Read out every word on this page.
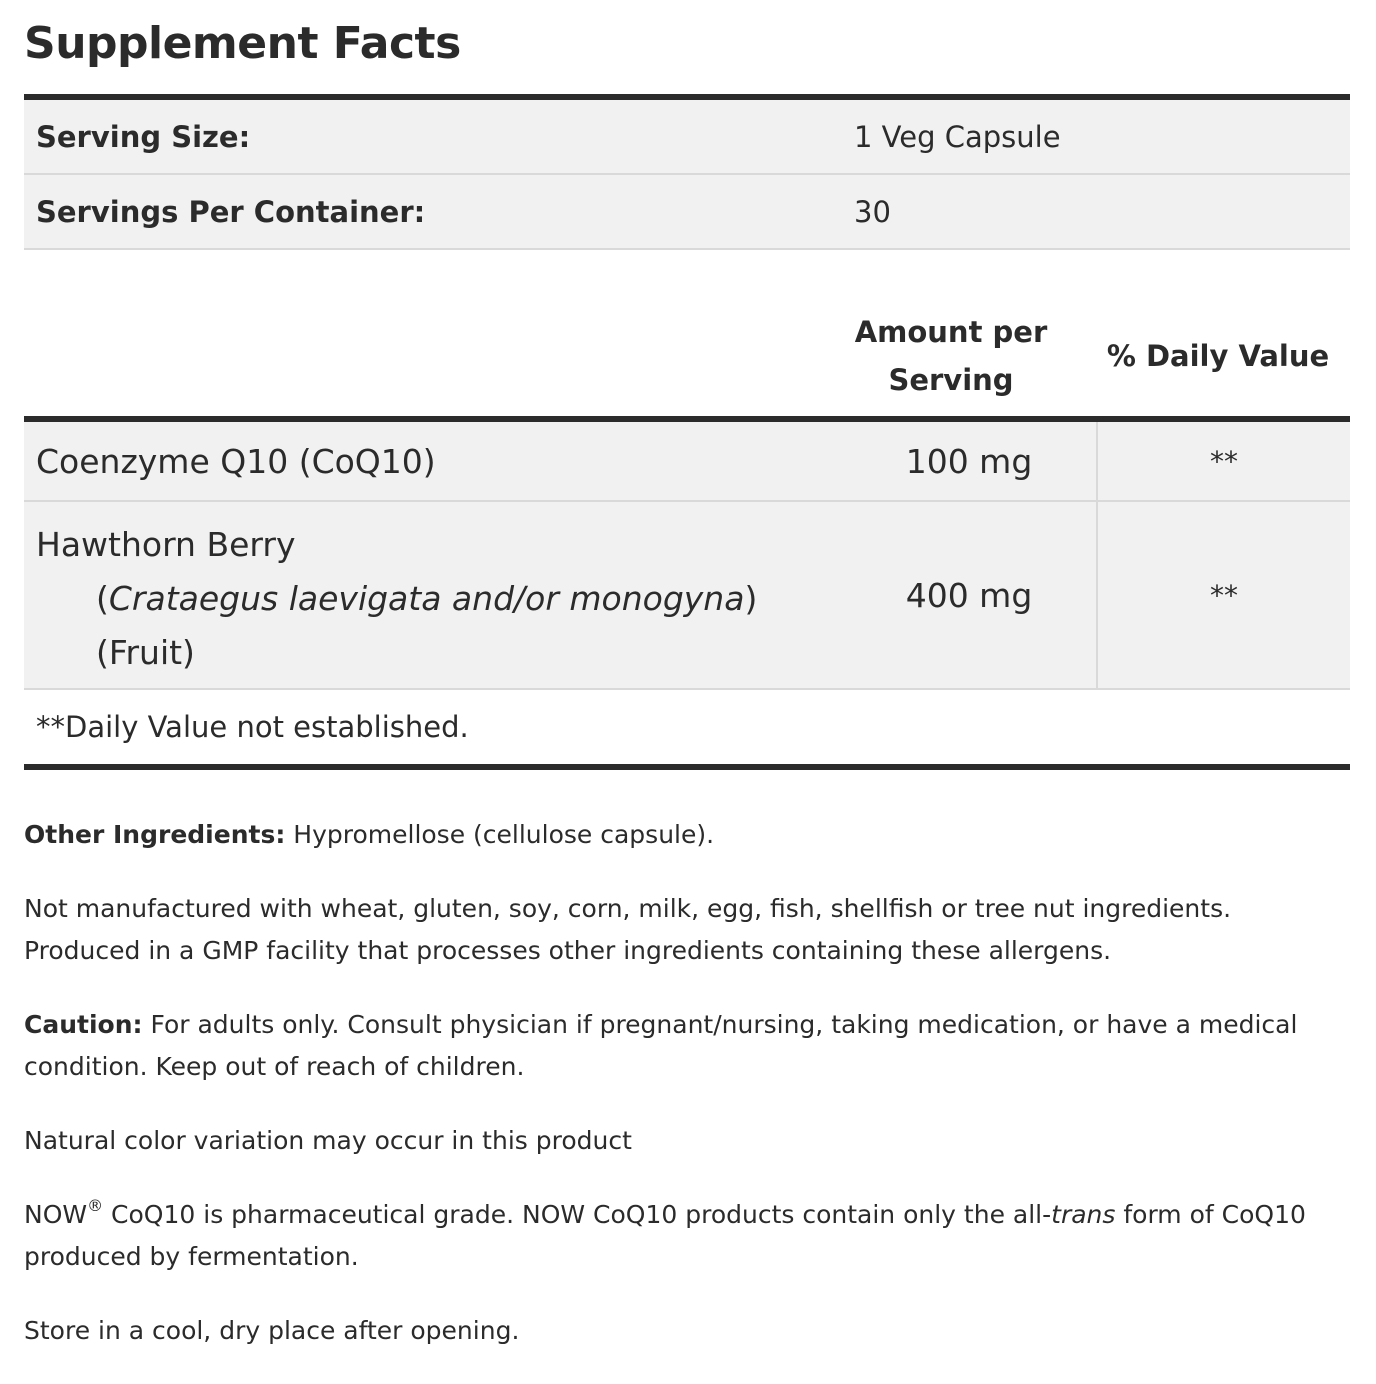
Supplement Facts
Serving Size:	1 Veg Capsule
Servings Per Container:	30
Amount per
Serving
% Daily Value
Coenzyme Q10 (CoQ10)	100 mg	**
Hawthorn Berry
(Crataegus laevigata and/or monogyna)
(Fruit)
400 mg	**
**Daily Value not established.

Other Ingredients: Hypromellose (cellulose capsule).

Not manufactured with wheat, gluten, soy, corn, milk, egg, fish, shellfish or tree nut ingredients. Produced in a GMP facility that processes other ingredients containing these allergens.

Caution: For adults only. Consult physician if pregnant/nursing, taking medication, or have a medical condition. Keep out of reach of children.

Natural color variation may occur in this product

NOW® CoQ10 is pharmaceutical grade. NOW CoQ10 products contain only the all-trans form of CoQ10 produced by fermentation.

Store in a cool, dry place after opening.
